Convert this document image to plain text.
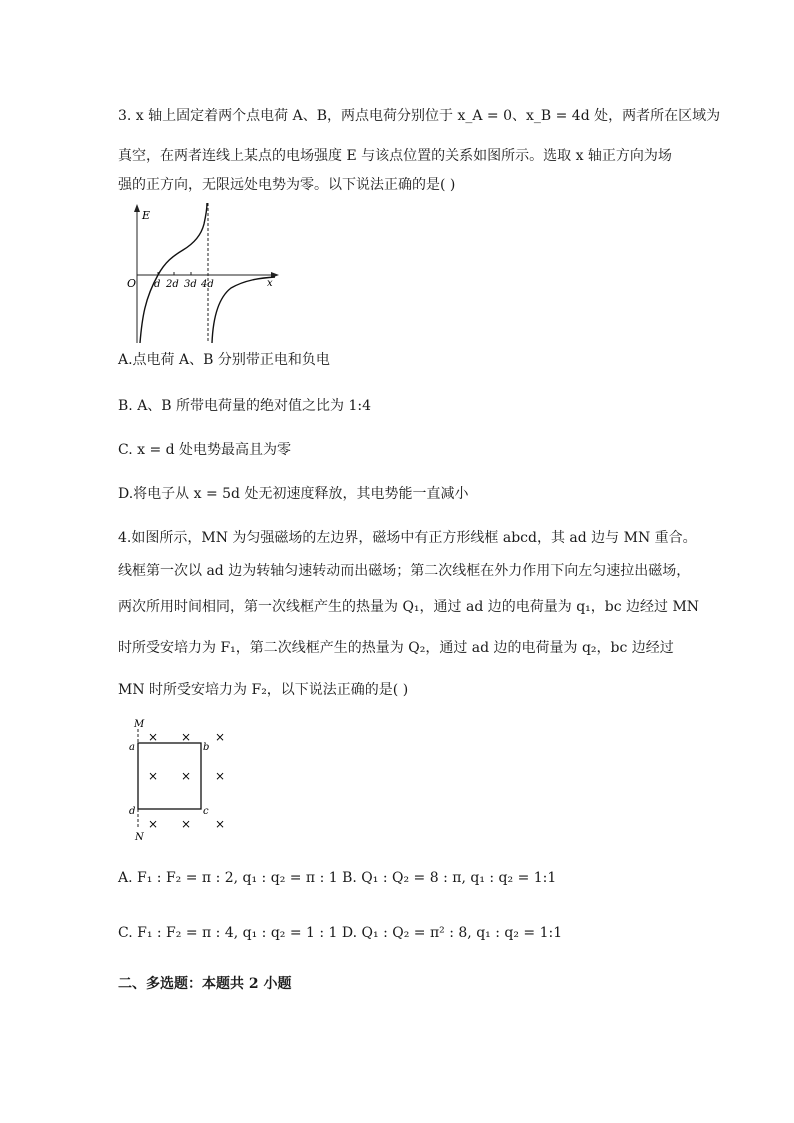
3. x 轴上固定着两个点电荷 A、B，两点电荷分别位于 x_A = 0、x_B = 4d 处，两者所在区域为
真空，在两者连线上某点的电场强度 E 与该点位置的关系如图所示。选取 x 轴正方向为场
强的正方向，无限远处电势为零。以下说法正确的是( )
E
x
O d 2d 3d 4d
A.点电荷 A、B 分别带正电和负电
B. A、B 所带电荷量的绝对值之比为 1:4
C. x = d 处电势最高且为零
D.将电子从 x = 5d 处无初速度释放，其电势能一直减小
4.如图所示，MN 为匀强磁场的左边界，磁场中有正方形线框 abcd，其 ad 边与 MN 重合。
线框第一次以 ad 边为转轴匀速转动而出磁场；第二次线框在外力作用下向左匀速拉出磁场，
两次所用时间相同，第一次线框产生的热量为 Q₁，通过 ad 边的电荷量为 q₁，bc 边经过 MN
时所受安培力为 F₁，第二次线框产生的热量为 Q₂，通过 ad 边的电荷量为 q₂，bc 边经过
MN 时所受安培力为 F₂，以下说法正确的是( )
M
N
a	b
c
d
× × ×
× × ×
× × ×
A. F₁ : F₂ = π : 2, q₁ : q₂ = π : 1 B. Q₁ : Q₂ = 8 : π, q₁ : q₂ = 1:1
C. F₁ : F₂ = π : 4, q₁ : q₂ = 1 : 1 D. Q₁ : Q₂ = π² : 8, q₁ : q₂ = 1:1
二、多选题：本题共 2 小题
